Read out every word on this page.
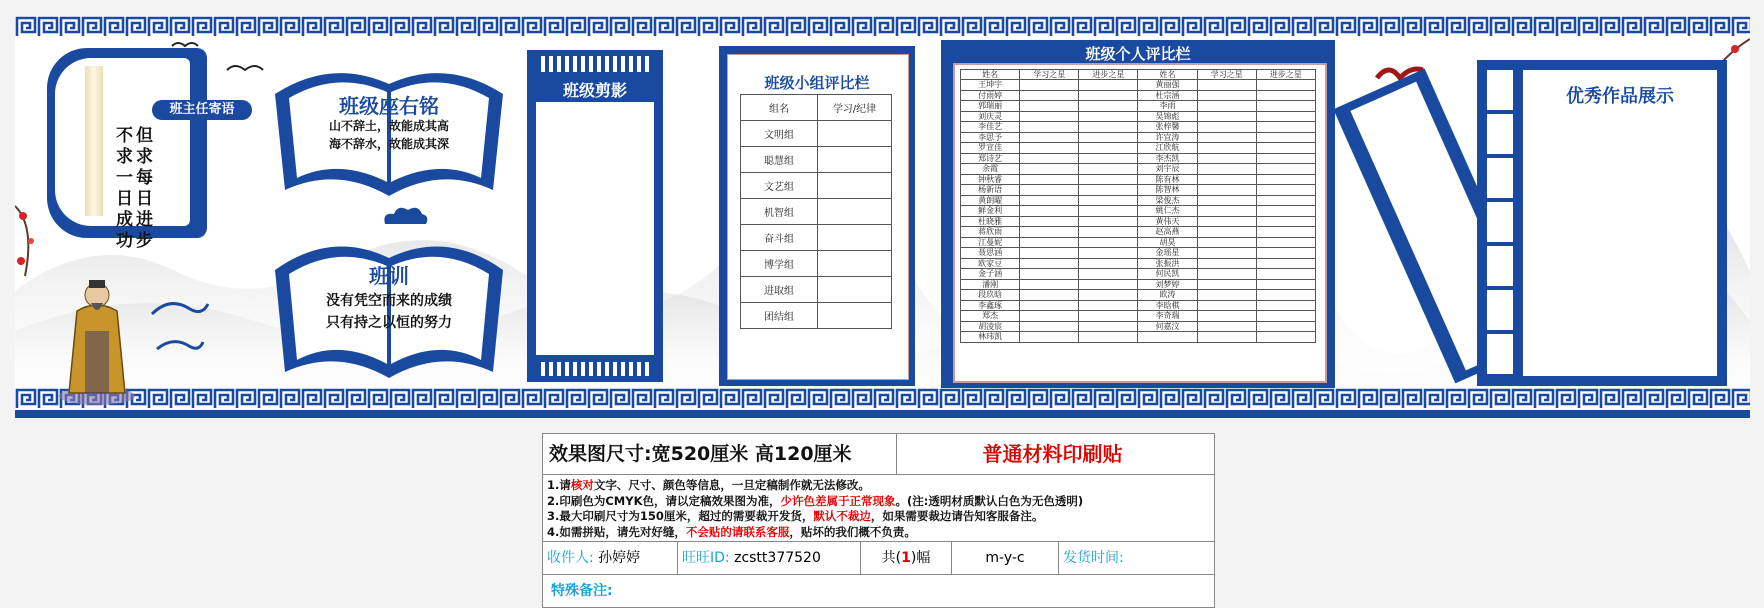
班主任寄语
但求每日进步
不求一日成功
班级座右铭
山不辞土，故能成其高
海不辞水，故能成其深
班训
没有凭空而来的成绩
只有持之以恒的努力
班级剪影	班级小组评比栏
组名	学习/纪律
文明组	
聪慧组	
文艺组	
机智组	
奋斗组	
博学组	
进取组	
团结组	
班级个人评比栏
姓名	学习之星	进步之星	姓名	学习之星	进步之星
王坤宇			黄丽强		
付雨婷			杜宗涵		
郭瑞丽			李雨		
刘庆灵			吴锦彪		
李佳艺			张梓馨		
李思予			许宜涛		
罗宣佳			江欣航		
郑诗艺			李杰凯		
余霞			刘宇辰		
钟秋睿			陈有林		
杨新语			陈智林		
黄朗曜			梁俊杰		
鲜金利			姚仁杰		
杜晓雅			黄伟天		
蒋欣雨			赵高燕		
江曼妮			胡昊		
聂思涵			金瑶星		
欧家豆			张振洪		
金子涵			何民凯		
潘刚			刘梦婷		
段玖晗			欧涛		
李鑫琢			李晗棋		
郑杰			李奇瑞		
胡凌宸			何嘉汶		
林玮凯					
优秀作品展示
效果图尺寸:宽520厘米 高120厘米	普通材料印刷贴
1.请核对文字、尺寸、颜色等信息，一旦定稿制作就无法修改。
2.印刷色为CMYK色，请以定稿效果图为准，少许色差属于正常现象。(注:透明材质默认白色为无色透明)
3.最大印刷尺寸为150厘米，超过的需要裁开发货，默认不裁边，如果需要裁边请告知客服备注。
4.如需拼贴，请先对好缝，不会贴的请联系客服，贴坏的我们概不负责。
收件人: 孙婷婷	旺旺ID: zcstt377520	共(1)幅	m-y-c	发货时间:
特殊备注:
